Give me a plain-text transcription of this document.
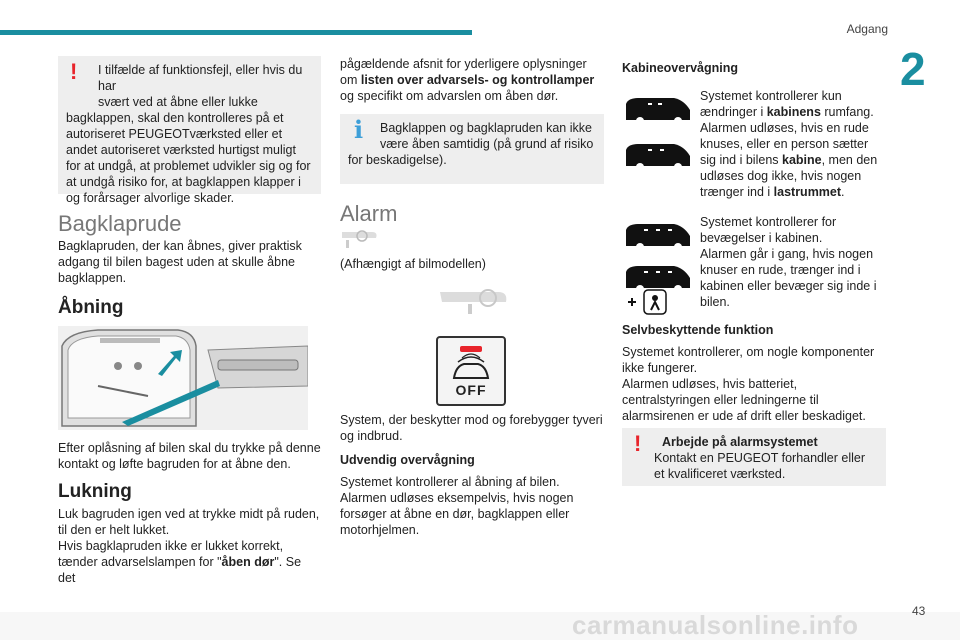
Adgang
2
!	I tilfælde af funktionsfejl, eller hvis du har
svært ved at åbne eller lukke
bagklappen, skal den kontrolleres på et autoriseret PEUGEOTværksted eller et andet autoriseret værksted hurtigst muligt for at undgå, at problemet udvikler sig og for at undgå risiko for, at bagklappen klapper i og forårsager alvorlige skader.
Bagklaprude

Bagklapruden, der kan åbnes, giver praktisk adgang til bilen bagest uden at skulle åbne bagklappen.

Åbning

Efter oplåsning af bilen skal du trykke på denne kontakt og løfte bagruden for at åbne den.

Lukning

Luk bagruden igen ved at trykke midt på ruden, til den er helt lukket.

Hvis bagklapruden ikke er lukket korrekt, tænder advarselslampen for "åben dør". Se det

pågældende afsnit for yderligere oplysninger om listen over advarsels- og kontrollamper og specifikt om advarslen om åben dør.

i	Bagklappen og bagklapruden kan ikke
være åben samtidig (på grund af risiko
for beskadigelse).
Alarm

(Afhængigt af bilmodellen)

OFF

System, der beskytter mod og forebygger tyveri og indbrud.

Udvendig overvågning

Systemet kontrollerer al åbning af bilen.

Alarmen udløses eksempelvis, hvis nogen forsøger at åbne en dør, bagklappen eller motorhjelmen.

Kabineovervågning

Systemet kontrollerer kun ændringer i kabinens rumfang.
Alarmen udløses, hvis en rude knuses, eller en person sætter sig ind i bilens kabine, men den udløses dog ikke, hvis nogen trænger ind i lastrummet.

Systemet kontrollerer for bevægelser i kabinen.
Alarmen går i gang, hvis nogen knuser en rude, trænger ind i kabinen eller bevæger sig inde i bilen.

Selvbeskyttende funktion

Systemet kontrollerer, om nogle komponenter ikke fungerer.

Alarmen udløses, hvis batteriet, centralstyringen eller ledningerne til alarmsirenen er ude af drift eller beskadiget.

!	Arbejde på alarmsystemet
Kontakt en PEUGEOT forhandler eller et kvalificeret værksted.
carmanualsonline.info	43
